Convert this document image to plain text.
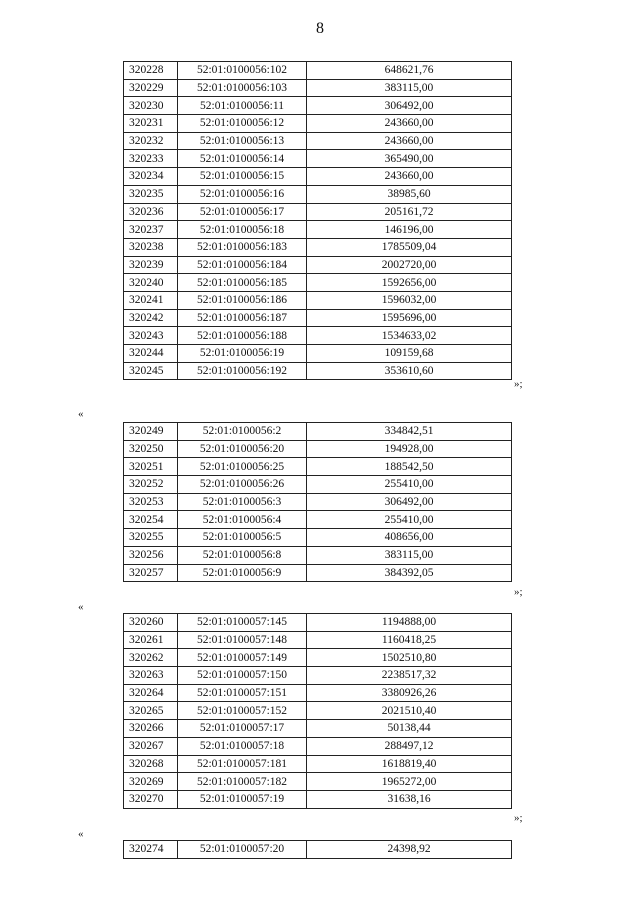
8
320228	52:01:0100056:102	648621,76
320229	52:01:0100056:103	383115,00
320230	52:01:0100056:11	306492,00
320231	52:01:0100056:12	243660,00
320232	52:01:0100056:13	243660,00
320233	52:01:0100056:14	365490,00
320234	52:01:0100056:15	243660,00
320235	52:01:0100056:16	38985,60
320236	52:01:0100056:17	205161,72
320237	52:01:0100056:18	146196,00
320238	52:01:0100056:183	1785509,04
320239	52:01:0100056:184	2002720,00
320240	52:01:0100056:185	1592656,00
320241	52:01:0100056:186	1596032,00
320242	52:01:0100056:187	1595696,00
320243	52:01:0100056:188	1534633,02
320244	52:01:0100056:19	109159,68
320245	52:01:0100056:192	353610,60
»;
«
320249	52:01:0100056:2	334842,51
320250	52:01:0100056:20	194928,00
320251	52:01:0100056:25	188542,50
320252	52:01:0100056:26	255410,00
320253	52:01:0100056:3	306492,00
320254	52:01:0100056:4	255410,00
320255	52:01:0100056:5	408656,00
320256	52:01:0100056:8	383115,00
320257	52:01:0100056:9	384392,05
»;
«
320260	52:01:0100057:145	1194888,00
320261	52:01:0100057:148	1160418,25
320262	52:01:0100057:149	1502510,80
320263	52:01:0100057:150	2238517,32
320264	52:01:0100057:151	3380926,26
320265	52:01:0100057:152	2021510,40
320266	52:01:0100057:17	50138,44
320267	52:01:0100057:18	288497,12
320268	52:01:0100057:181	1618819,40
320269	52:01:0100057:182	1965272,00
320270	52:01:0100057:19	31638,16
»;
«
320274	52:01:0100057:20	24398,92
